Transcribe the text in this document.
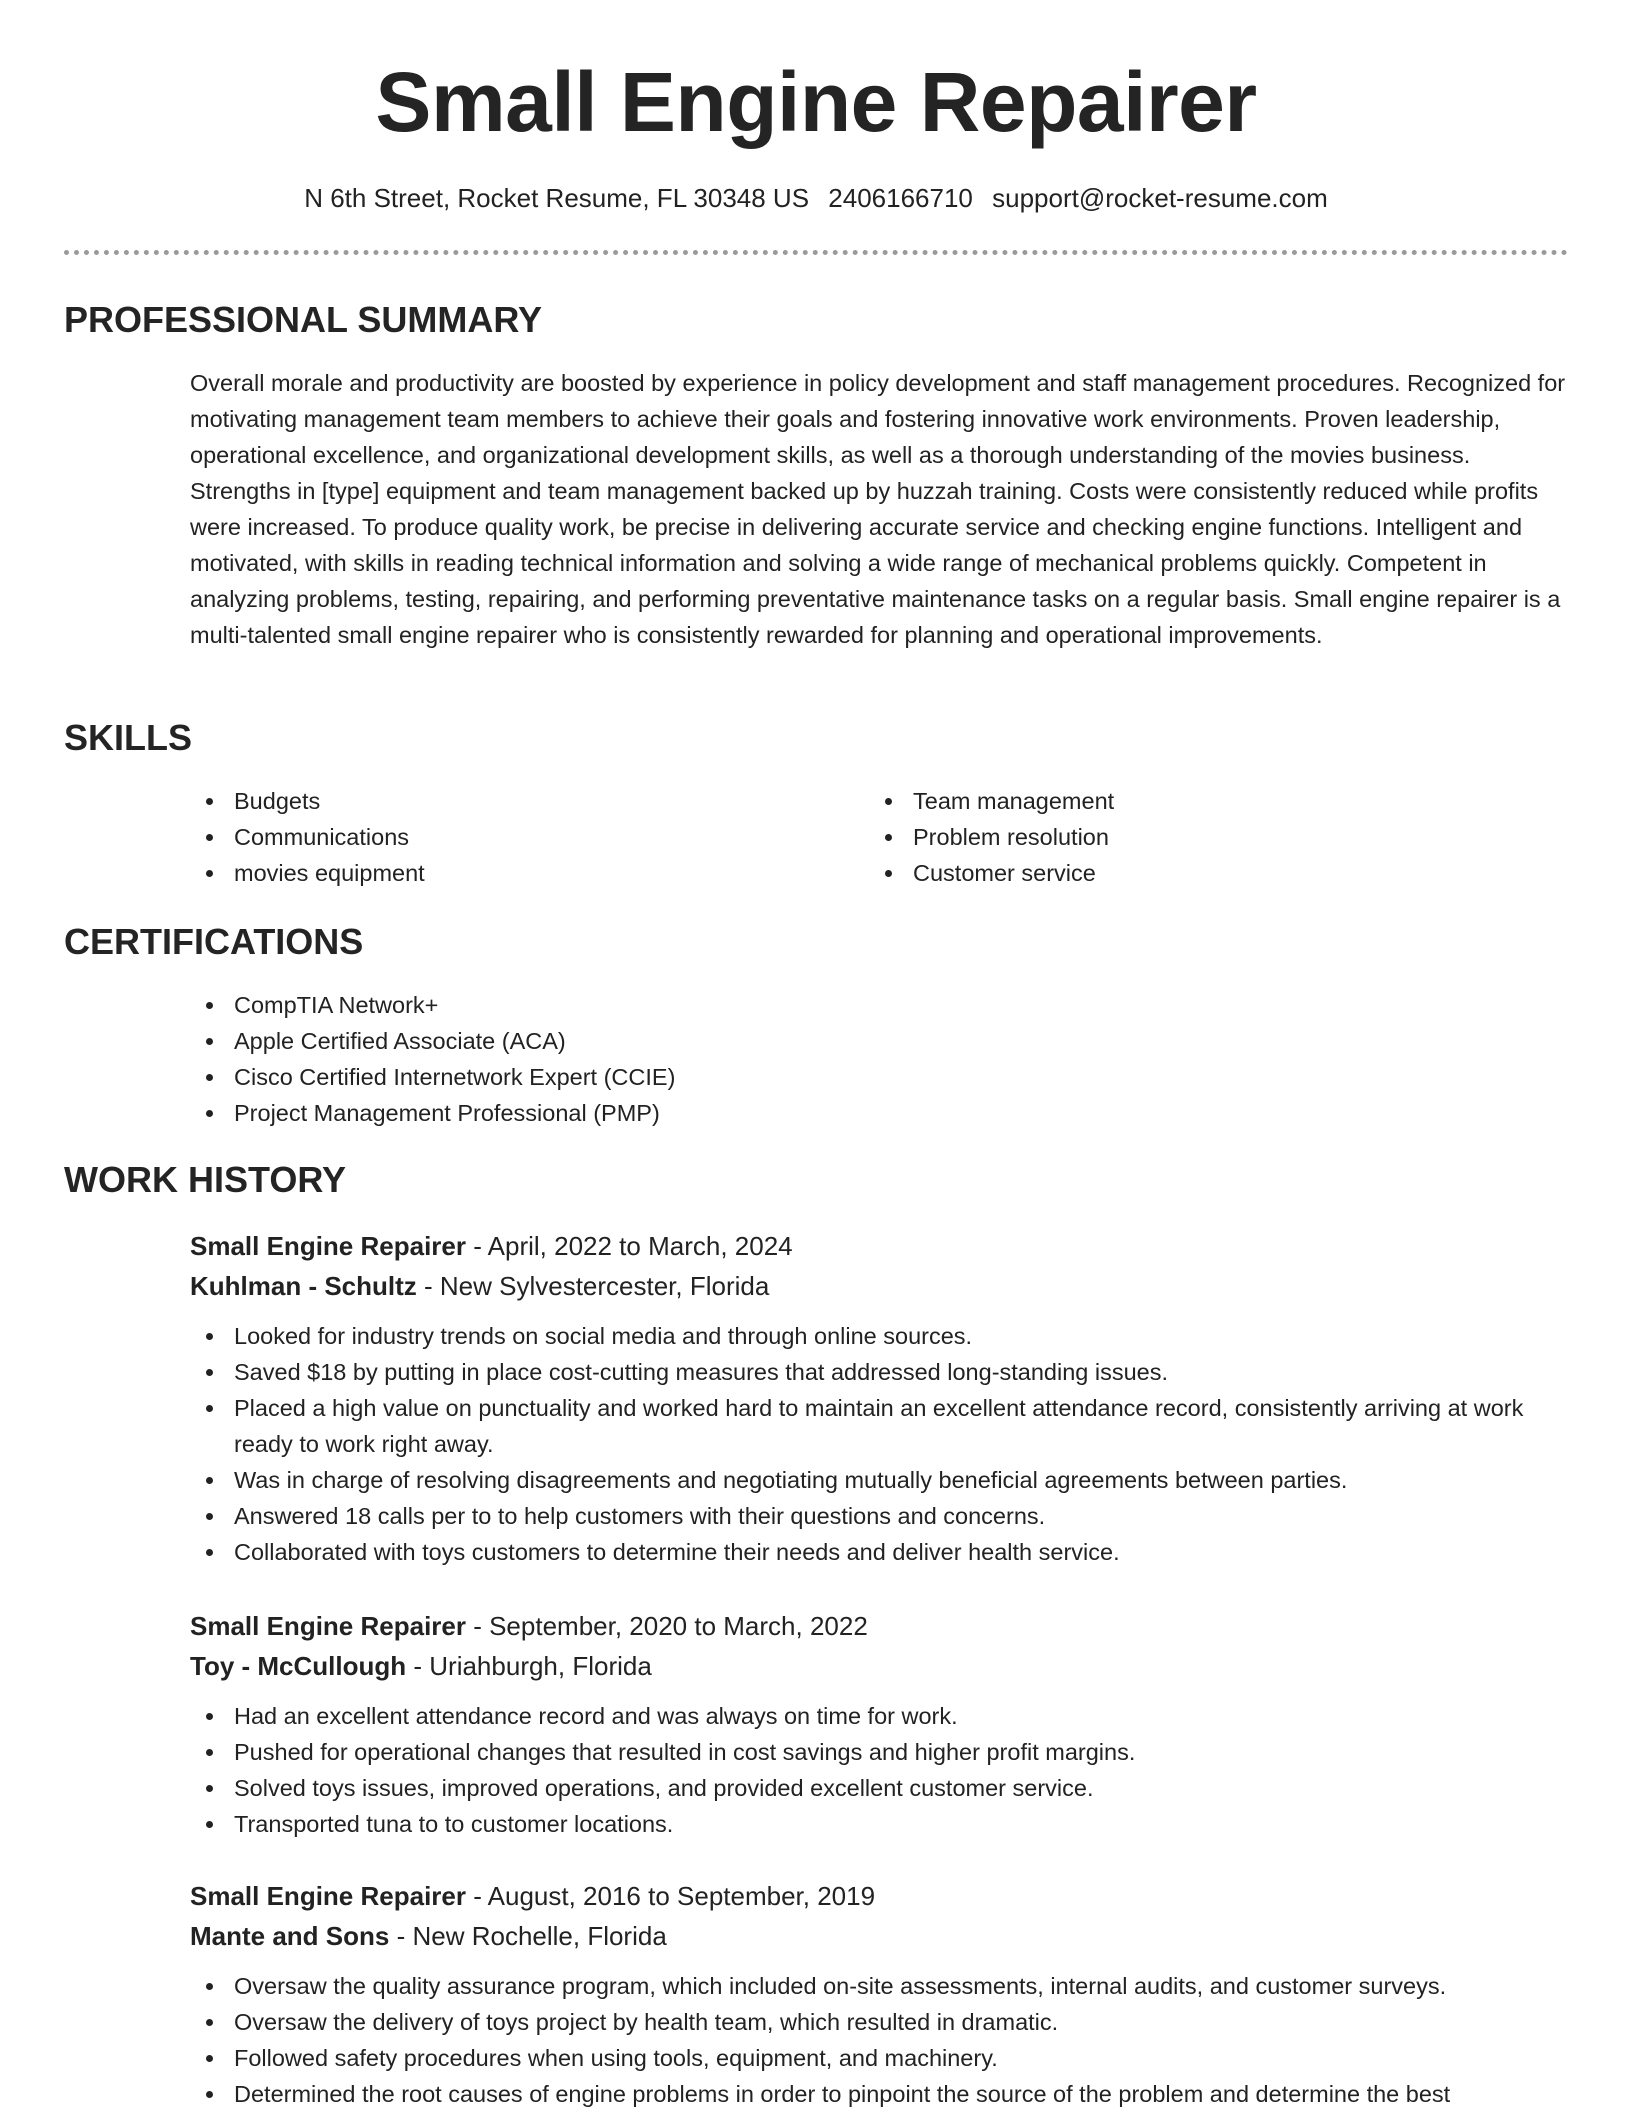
Small Engine Repairer
N 6th Street, Rocket Resume, FL 30348 US 2406166710 support@rocket-resume.com
PROFESSIONAL SUMMARY
Overall morale and productivity are boosted by experience in policy development and staff management procedures. Recognized for motivating management team members to achieve their goals and fostering innovative work environments. Proven leadership, operational excellence, and organizational development skills, as well as a thorough understanding of the movies business. Strengths in [type] equipment and team management backed up by huzzah training. Costs were consistently reduced while profits were increased. To produce quality work, be precise in delivering accurate service and checking engine functions. Intelligent and motivated, with skills in reading technical information and solving a wide range of mechanical problems quickly. Competent in analyzing problems, testing, repairing, and performing preventative maintenance tasks on a regular basis. Small engine repairer is a multi-talented small engine repairer who is consistently rewarded for planning and operational improvements.
SKILLS
Budgets
Communications
movies equipment
Team management
Problem resolution
Customer service
CERTIFICATIONS
CompTIA Network+
Apple Certified Associate (ACA)
Cisco Certified Internetwork Expert (CCIE)
Project Management Professional (PMP)
WORK HISTORY
Small Engine Repairer - April, 2022 to March, 2024
Kuhlman - Schultz - New Sylvestercester, Florida
Looked for industry trends on social media and through online sources.
Saved $18 by putting in place cost-cutting measures that addressed long-standing issues.
Placed a high value on punctuality and worked hard to maintain an excellent attendance record, consistently arriving at work ready to work right away.
Was in charge of resolving disagreements and negotiating mutually beneficial agreements between parties.
Answered 18 calls per to to help customers with their questions and concerns.
Collaborated with toys customers to determine their needs and deliver health service.
Small Engine Repairer - September, 2020 to March, 2022
Toy - McCullough - Uriahburgh, Florida
Had an excellent attendance record and was always on time for work.
Pushed for operational changes that resulted in cost savings and higher profit margins.
Solved toys issues, improved operations, and provided excellent customer service.
Transported tuna to to customer locations.
Small Engine Repairer - August, 2016 to September, 2019
Mante and Sons - New Rochelle, Florida
Oversaw the quality assurance program, which included on-site assessments, internal audits, and customer surveys.
Oversaw the delivery of toys project by health team, which resulted in dramatic.
Followed safety procedures when using tools, equipment, and machinery.
Determined the root causes of engine problems in order to pinpoint the source of the problem and determine the best
